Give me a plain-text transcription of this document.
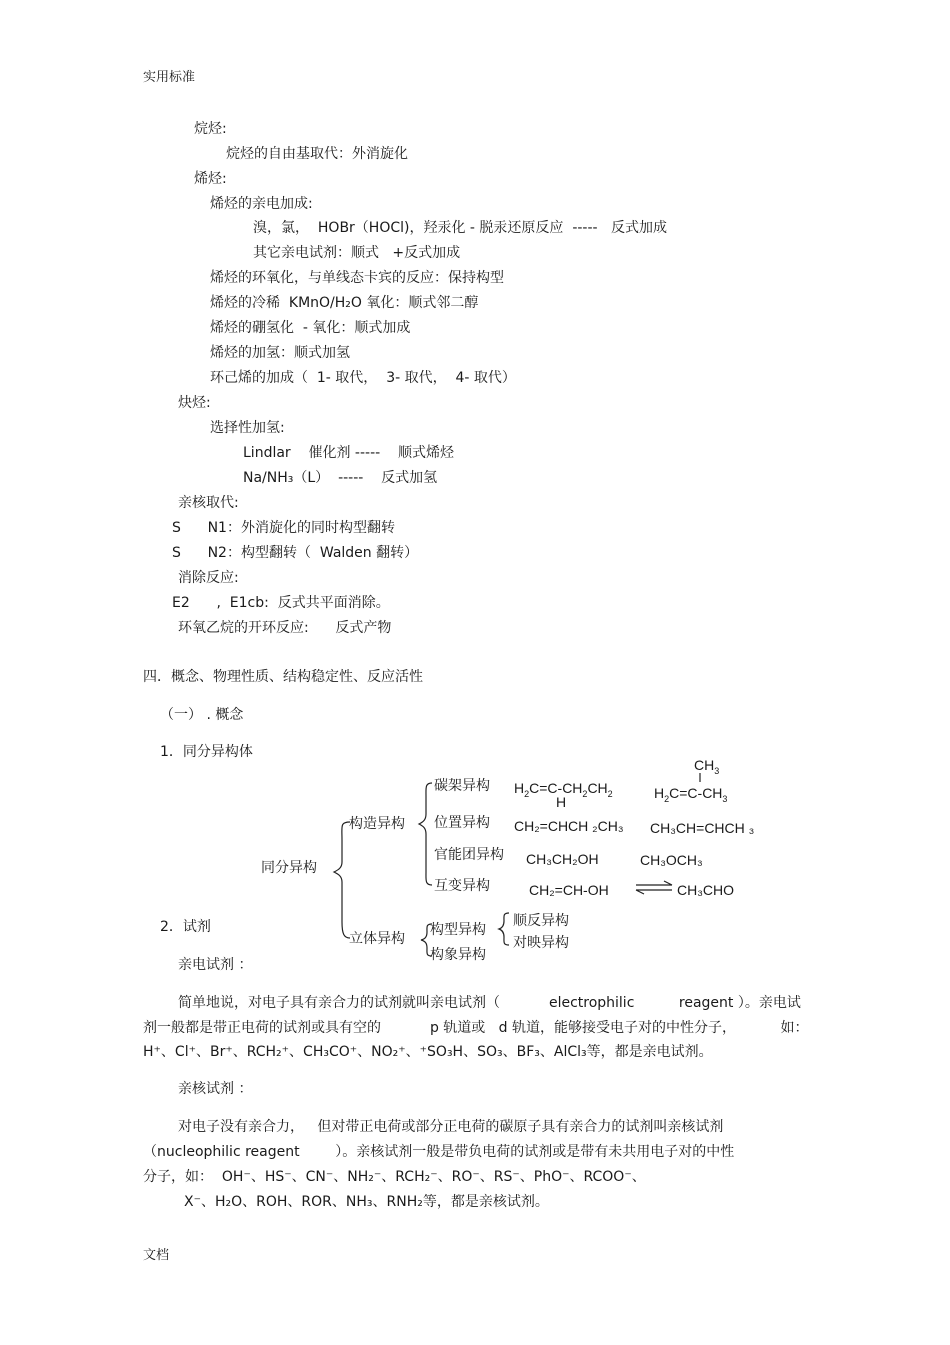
实用标准
文档
烷烃:
烷烃的自由基取代：外消旋化
烯烃:
烯烃的亲电加成:
溴，氯，  HOBr（HOCl)，羟汞化 - 脱汞还原反应  -----   反式加成
其它亲电试剂：顺式   +反式加成
烯烃的环氧化，与单线态卡宾的反应：保持构型
烯烃的冷稀  KMnO/H₂O 氧化：顺式邻二醇
烯烃的硼氢化  - 氧化：顺式加成
烯烃的加氢：顺式加氢
环己烯的加成（  1- 取代，  3- 取代，  4- 取代）
炔烃:
选择性加氢:
Lindlar    催化剂 -----    顺式烯烃
Na/NH₃（L）  -----    反式加氢
亲核取代:
S      N1：外消旋化的同时构型翻转
S      N2：构型翻转（  Walden 翻转）
消除反应:
E2      ,  E1cb:  反式共平面消除。
环氧乙烷的开环反应:      反式产物
四．概念、物理性质、结构稳定性、反应活性
（一） . 概念
1．同分异构体
同分异构
构造异构
立体异构
碳架异构
位置异构
官能团异构
互变异构
$H_2C=C-CH_2CH_2$
H
$CH_3$
$H_2C=C-CH_3$
CH₂=CHCH ₂CH₃ CH₃CH=CHCH ₃
CH₃CH₂OH	CH₃OCH₃
CH₂=CH-OH	CH₃CHO
构型异构
构象异构
顺反异构
对映异构
2．试剂
亲电试剂 ：
简单地说，对电子具有亲合力的试剂就叫亲电试剂（           electrophilic          reagent ）。亲电试
剂一般都是带正电荷的试剂或具有空的           p 轨道或   d 轨道，能够接受电子对的中性分子，          如：
H⁺、Cl⁺、Br⁺、RCH₂⁺、CH₃CO⁺、NO₂⁺、⁺SO₃H、SO₃、BF₃、AlCl₃等，都是亲电试剂。
亲核试剂 ：
对电子没有亲合力，   但对带正电荷或部分正电荷的碳原子具有亲合力的试剂叫亲核试剂
（nucleophilic reagent        ）。亲核试剂一般是带负电荷的试剂或是带有未共用电子对的中性
分子，如：  OH⁻、HS⁻、CN⁻、NH₂⁻、RCH₂⁻、RO⁻、RS⁻、PhO⁻、RCOO⁻、
X⁻、H₂O、ROH、ROR、NH₃、RNH₂等，都是亲核试剂。
